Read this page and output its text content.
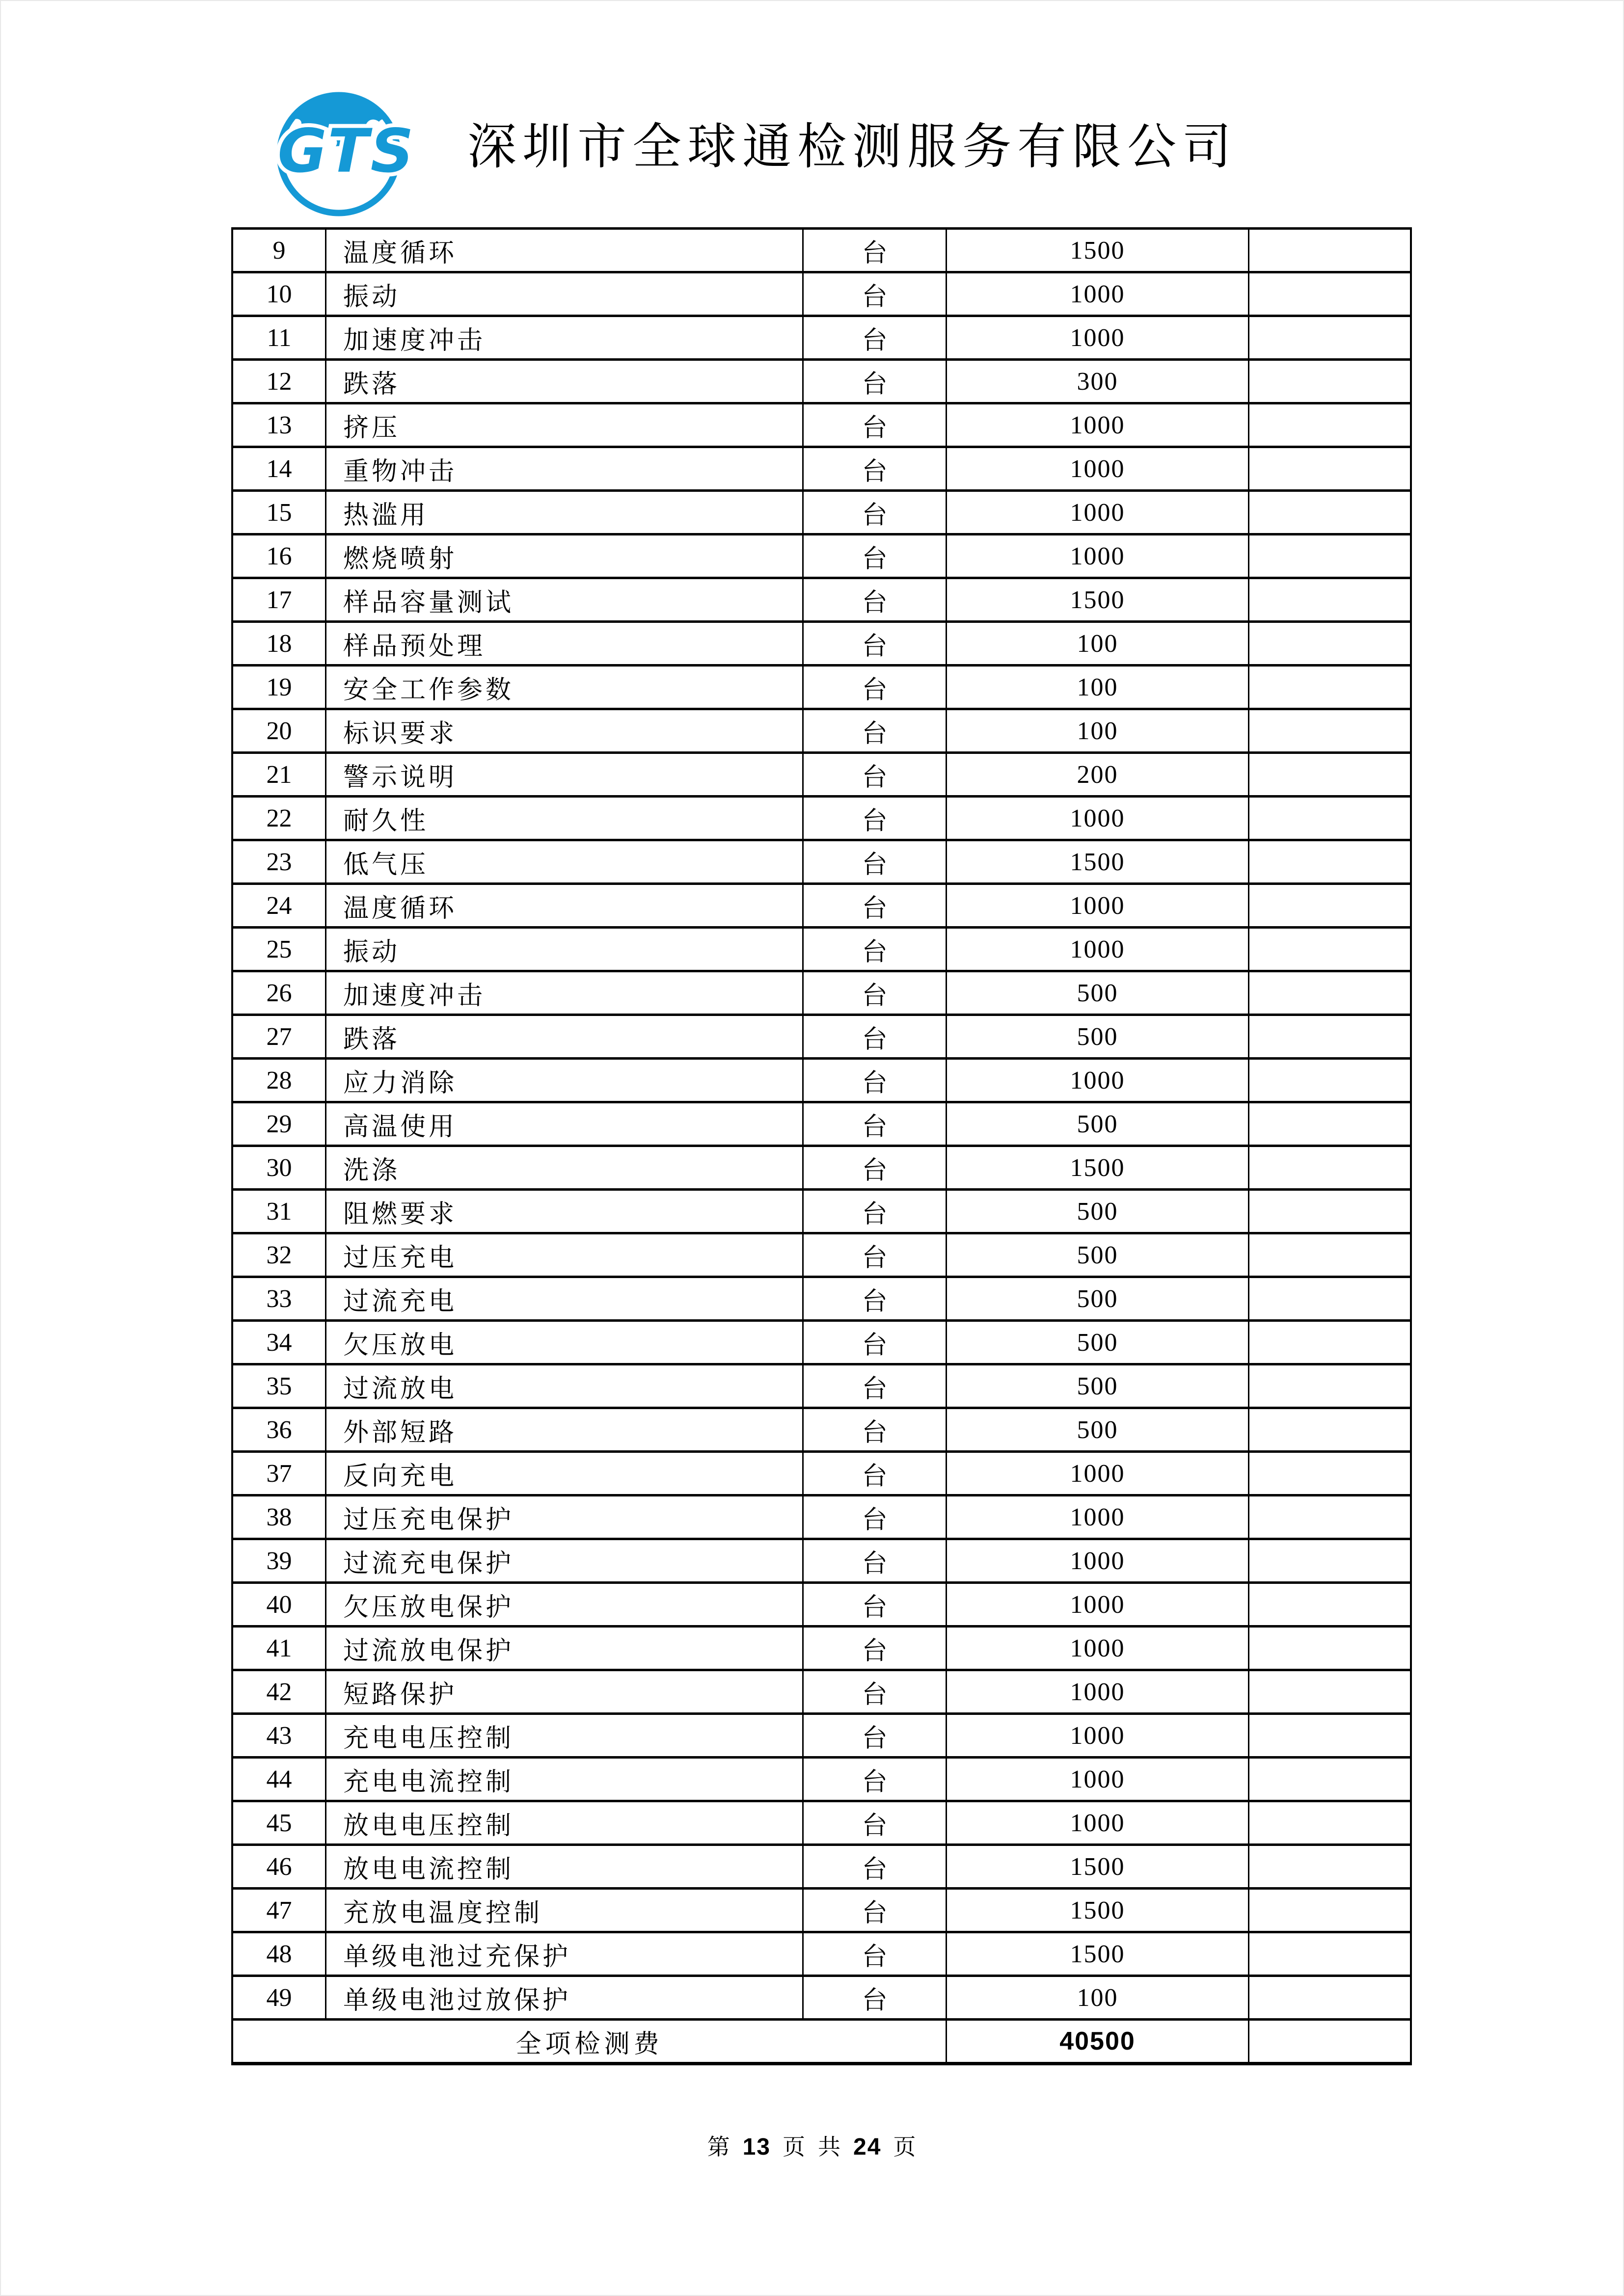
GTS 深圳市全球通检测服务有限公司
9	温度循环	台	1500	
10	振动	台	1000	
11	加速度冲击	台	1000	
12	跌落	台	300	
13	挤压	台	1000	
14	重物冲击	台	1000	
15	热滥用	台	1000	
16	燃烧喷射	台	1000	
17	样品容量测试	台	1500	
18	样品预处理	台	100	
19	安全工作参数	台	100	
20	标识要求	台	100	
21	警示说明	台	200	
22	耐久性	台	1000	
23	低气压	台	1500	
24	温度循环	台	1000	
25	振动	台	1000	
26	加速度冲击	台	500	
27	跌落	台	500	
28	应力消除	台	1000	
29	高温使用	台	500	
30	洗涤	台	1500	
31	阻燃要求	台	500	
32	过压充电	台	500	
33	过流充电	台	500	
34	欠压放电	台	500	
35	过流放电	台	500	
36	外部短路	台	500	
37	反向充电	台	1000	
38	过压充电保护	台	1000	
39	过流充电保护	台	1000	
40	欠压放电保护	台	1000	
41	过流放电保护	台	1000	
42	短路保护	台	1000	
43	充电电压控制	台	1000	
44	充电电流控制	台	1000	
45	放电电压控制	台	1000	
46	放电电流控制	台	1500	
47	充放电温度控制	台	1500	
48	单级电池过充保护	台	1500	
49	单级电池过放保护	台	100	
全项检测费			40500	
第 13 页 共 24 页
